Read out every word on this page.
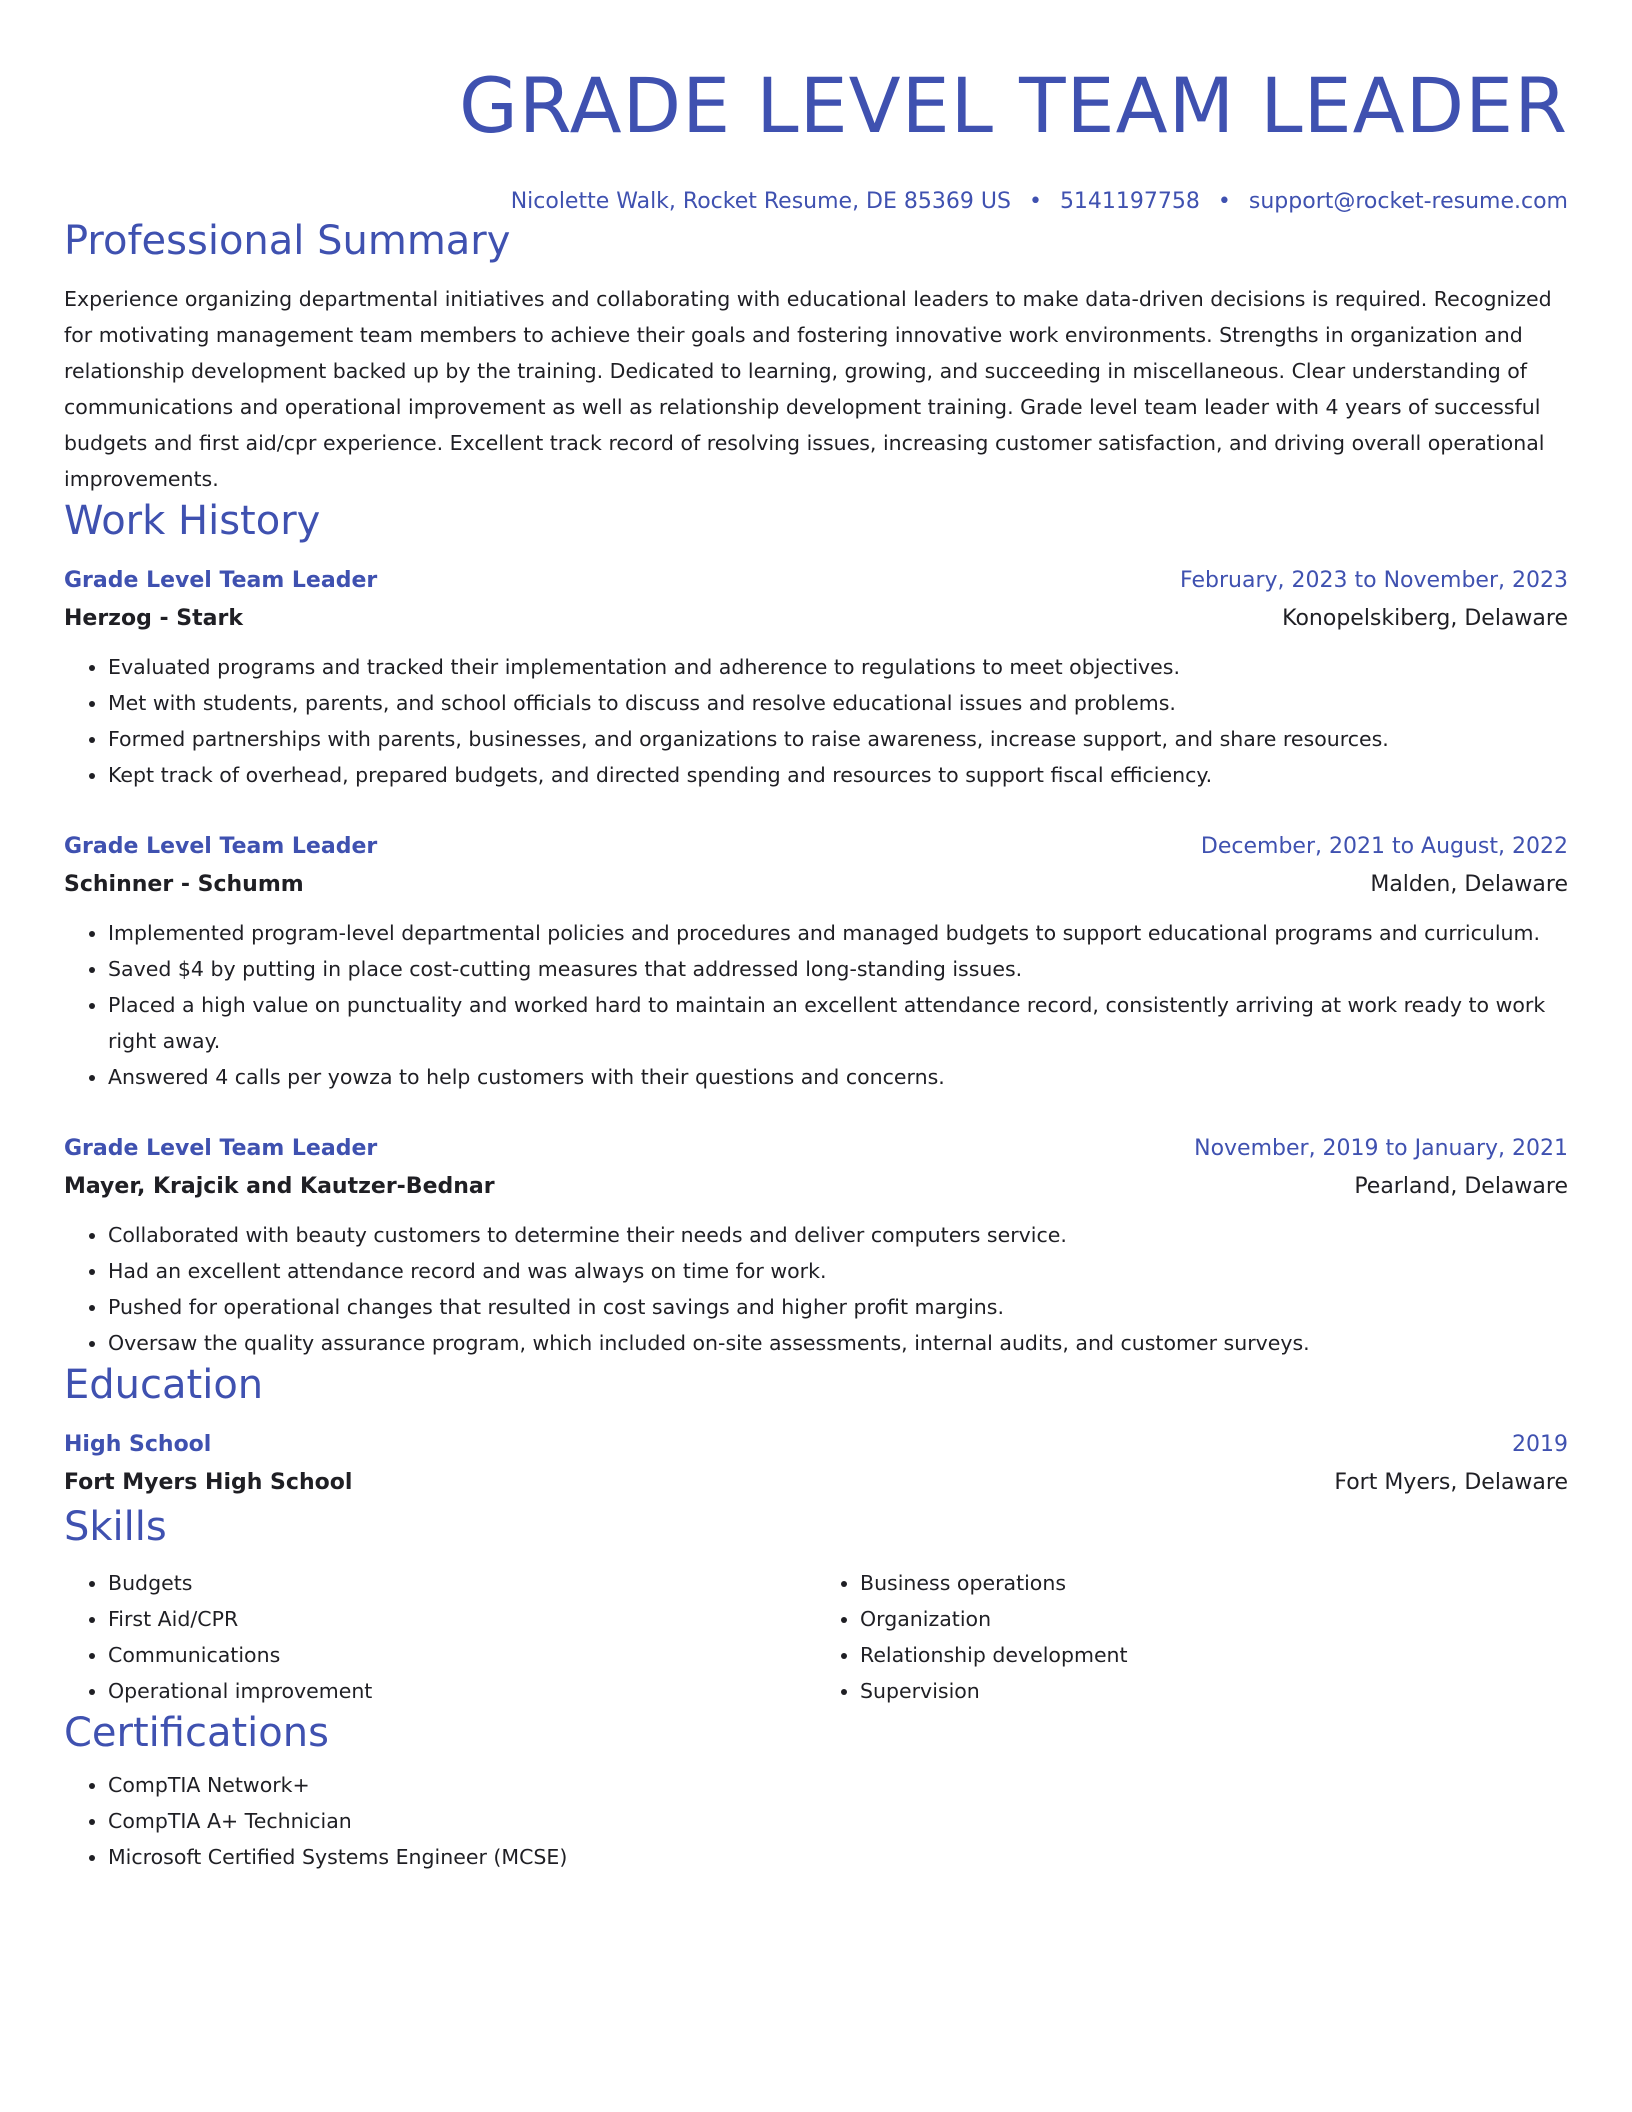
GRADE LEVEL TEAM LEADER
Nicolette Walk, Rocket Resume, DE 85369 US • 5141197758 • support@rocket-resume.com
Professional Summary

Experience organizing departmental initiatives and collaborating with educational leaders to make data-driven decisions is required. Recognized for motivating management team members to achieve their goals and fostering innovative work environments. Strengths in organization and relationship development backed up by the training. Dedicated to learning, growing, and succeeding in miscellaneous. Clear understanding of communications and operational improvement as well as relationship development training. Grade level team leader with 4 years of successful budgets and first aid/cpr experience. Excellent track record of resolving issues, increasing customer satisfaction, and driving overall operational improvements.

Work History
Grade Level Team Leader	February, 2023 to November, 2023
Herzog - Stark	Konopelskiberg, Delaware
• Evaluated programs and tracked their implementation and adherence to regulations to meet objectives.
• Met with students, parents, and school officials to discuss and resolve educational issues and problems.
• Formed partnerships with parents, businesses, and organizations to raise awareness, increase support, and share resources.
• Kept track of overhead, prepared budgets, and directed spending and resources to support fiscal efficiency.
Grade Level Team Leader	December, 2021 to August, 2022
Schinner - Schumm	Malden, Delaware
• Implemented program-level departmental policies and procedures and managed budgets to support educational programs and curriculum.
• Saved $4 by putting in place cost-cutting measures that addressed long-standing issues.
• Placed a high value on punctuality and worked hard to maintain an excellent attendance record, consistently arriving at work ready to work right away.
• Answered 4 calls per yowza to help customers with their questions and concerns.
Grade Level Team Leader	November, 2019 to January, 2021
Mayer, Krajcik and Kautzer-Bednar	Pearland, Delaware
• Collaborated with beauty customers to determine their needs and deliver computers service.
• Had an excellent attendance record and was always on time for work.
• Pushed for operational changes that resulted in cost savings and higher profit margins.
• Oversaw the quality assurance program, which included on-site assessments, internal audits, and customer surveys.
Education
High School	2019
Fort Myers High School	Fort Myers, Delaware
Skills
• Budgets
• First Aid/CPR
• Communications
• Operational improvement
• Business operations
• Organization
• Relationship development
• Supervision
Certifications
• CompTIA Network+
• CompTIA A+ Technician
• Microsoft Certified Systems Engineer (MCSE)
